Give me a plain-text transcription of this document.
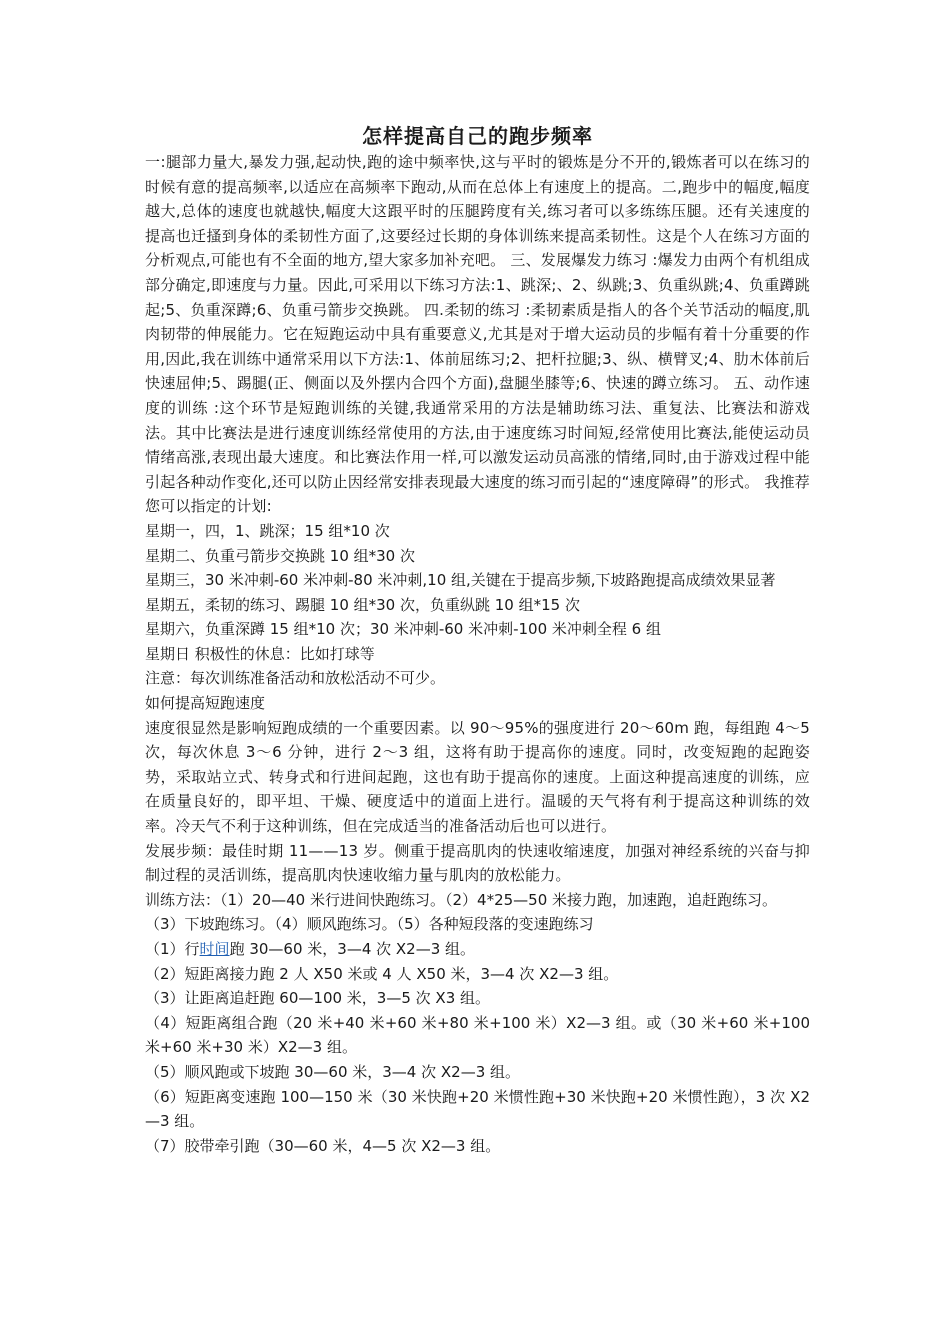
怎样提高自己的跑步频率

一:腿部力量大,暴发力强,起动快,跑的途中频率快,这与平时的锻炼是分不开的,锻炼者可以在练习的时候有意的提高频率,以适应在高频率下跑动,从而在总体上有速度上的提高。二,跑步中的幅度,幅度越大,总体的速度也就越快,幅度大这跟平时的压腿跨度有关,练习者可以多练练压腿。还有关速度的提高也迁搔到身体的柔韧性方面了,这要经过长期的身体训练来提高柔韧性。这是个人在练习方面的分析观点,可能也有不全面的地方,望大家多加补充吧。 三、发展爆发力练习 :爆发力由两个有机组成部分确定,即速度与力量。因此,可采用以下练习方法:1、跳深;、2、纵跳;3、负重纵跳;4、负重蹲跳起;5、负重深蹲;6、负重弓箭步交换跳。 四.柔韧的练习 :柔韧素质是指人的各个关节活动的幅度,肌肉韧带的伸展能力。它在短跑运动中具有重要意义,尤其是对于增大运动员的步幅有着十分重要的作用,因此,我在训练中通常采用以下方法:1、体前屈练习;2、把杆拉腿;3、纵、横臂叉;4、肋木体前后快速屈伸;5、踢腿(正、侧面以及外摆内合四个方面),盘腿坐膝等;6、快速的蹲立练习。 五、动作速度的训练 :这个环节是短跑训练的关键,我通常采用的方法是辅助练习法、重复法、比赛法和游戏法。其中比赛法是进行速度训练经常使用的方法,由于速度练习时间短,经常使用比赛法,能使运动员情绪高涨,表现出最大速度。和比赛法作用一样,可以激发运动员高涨的情绪,同时,由于游戏过程中能引起各种动作变化,还可以防止因经常安排表现最大速度的练习而引起的“速度障碍”的形式。 我推荐您可以指定的计划:

星期一，四，1、跳深；15 组*10 次

星期二、负重弓箭步交换跳 10 组*30 次

星期三，30 米冲刺-60 米冲刺-80 米冲刺,10 组,关键在于提高步频,下坡路跑提高成绩效果显著

星期五，柔韧的练习、踢腿 10 组*30 次，负重纵跳 10 组*15 次

星期六，负重深蹲 15 组*10 次；30 米冲刺-60 米冲刺-100 米冲刺全程 6 组

星期日 积极性的休息：比如打球等

注意：每次训练准备活动和放松活动不可少。

如何提高短跑速度

速度很显然是影响短跑成绩的一个重要因素。以 90～95%的强度进行 20～60m 跑，每组跑 4～5 次，每次休息 3～6 分钟，进行 2～3 组，这将有助于提高你的速度。同时，改变短跑的起跑姿势，采取站立式、转身式和行进间起跑，这也有助于提高你的速度。上面这种提高速度的训练，应在质量良好的，即平坦、干燥、硬度适中的道面上进行。温暖的天气将有利于提高这种训练的效率。冷天气不利于这种训练，但在完成适当的准备活动后也可以进行。

发展步频：最佳时期 11——13 岁。侧重于提高肌肉的快速收缩速度，加强对神经系统的兴奋与抑制过程的灵活训练，提高肌肉快速收缩力量与肌肉的放松能力。

训练方法：（1）20—40 米行进间快跑练习。（2）4*25—50 米接力跑，加速跑，追赶跑练习。

（3）下坡跑练习。（4）顺风跑练习。（5）各种短段落的变速跑练习

（1）行时间跑 30—60 米，3—4 次 X2—3 组。

（2）短距离接力跑 2 人 X50 米或 4 人 X50 米，3—4 次 X2—3 组。

（3）让距离追赶跑 60—100 米，3—5 次 X3 组。

（4）短距离组合跑（20 米+40 米+60 米+80 米+100 米）X2—3 组。或（30 米+60 米+100 米+60 米+30 米）X2—3 组。

（5）顺风跑或下坡跑 30—60 米，3—4 次 X2—3 组。

（6）短距离变速跑 100—150 米（30 米快跑+20 米惯性跑+30 米快跑+20 米惯性跑），3 次 X2—3 组。

（7）胶带牵引跑（30—60 米，4—5 次 X2—3 组。
